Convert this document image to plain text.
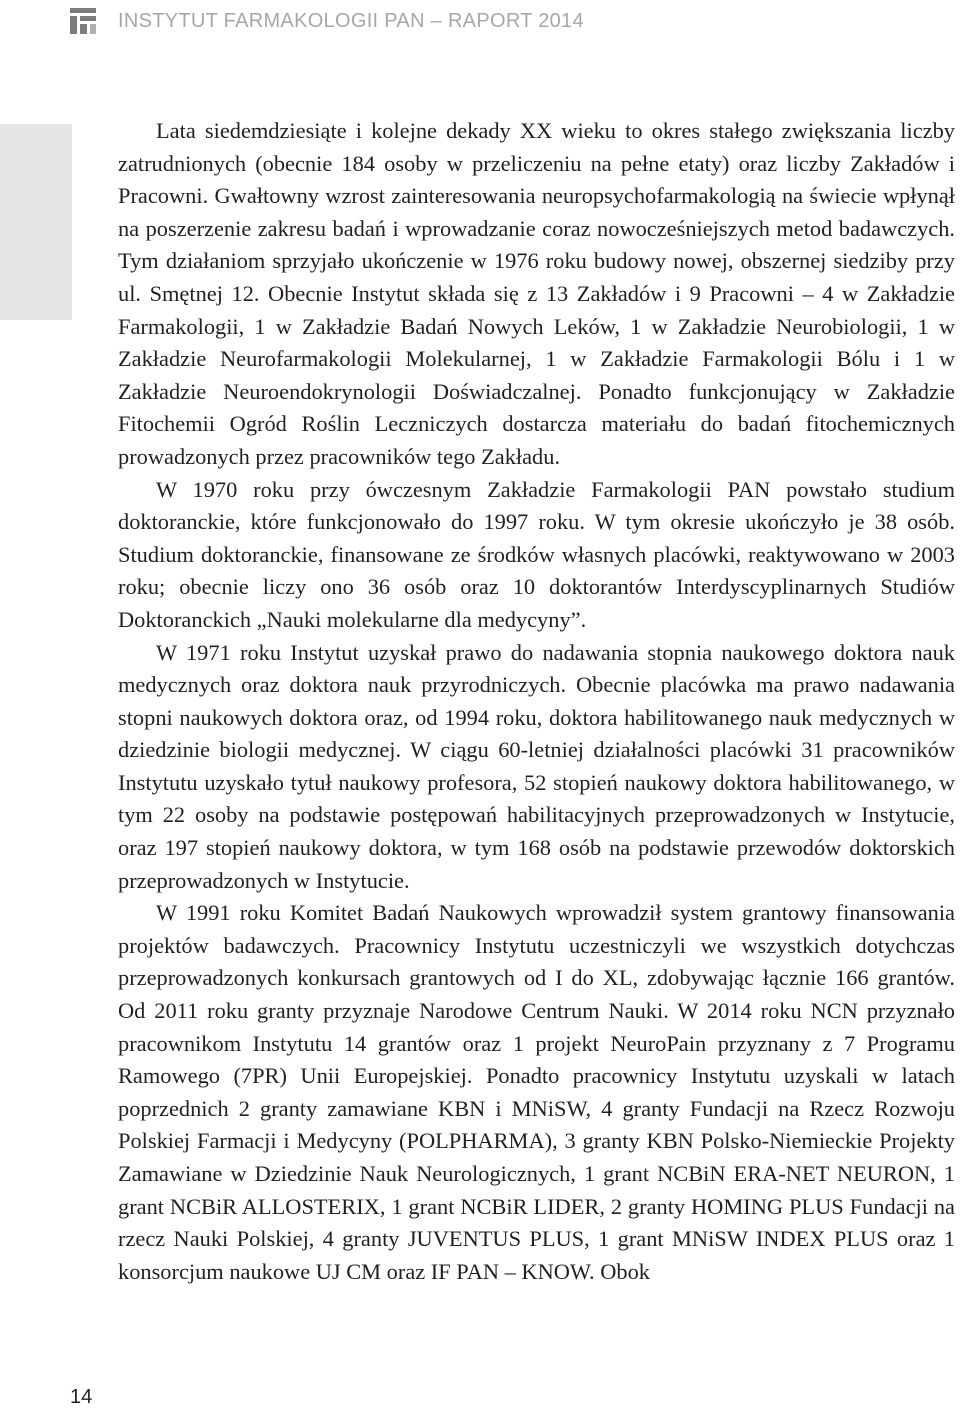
INSTYTUT FARMAKOLOGII PAN – RAPORT 2014

Lata siedemdziesiąte i kolejne dekady XX wieku to okres stałego zwiększania liczby zatrudnionych (obecnie 184 osoby w przeliczeniu na pełne etaty) oraz liczby Zakładów i Pracowni. Gwałtowny wzrost zainteresowania neuropsychofarmakologią na świecie wpłynął na poszerzenie zakresu badań i wprowadzanie coraz nowocześniejszych metod badawczych. Tym działaniom sprzyjało ukończenie w 1976 roku budowy nowej, obszernej siedziby przy ul. Smętnej 12. Obecnie Instytut składa się z 13 Zakładów i 9 Pracowni – 4 w Zakładzie Farmakologii, 1 w Zakładzie Badań Nowych Leków, 1 w Zakładzie Neurobiologii, 1 w Zakładzie Neurofarmakologii Molekularnej, 1 w Zakładzie Farmakologii Bólu i 1 w Zakładzie Neuroendokrynologii Doświadczalnej. Ponadto funkcjonujący w Zakładzie Fitochemii Ogród Roślin Leczniczych dostarcza materiału do badań fitochemicznych prowadzonych przez pracowników tego Zakładu.

W 1970 roku przy ówczesnym Zakładzie Farmakologii PAN powstało studium doktoranckie, które funkcjonowało do 1997 roku. W tym okresie ukończyło je 38 osób. Studium doktoranckie, finansowane ze środków własnych placówki, reaktywowano w 2003 roku; obecnie liczy ono 36 osób oraz 10 doktorantów Interdyscyplinarnych Studiów Doktoranckich „Nauki molekularne dla medycyny”.

W 1971 roku Instytut uzyskał prawo do nadawania stopnia naukowego doktora nauk medycznych oraz doktora nauk przyrodniczych. Obecnie placówka ma prawo nadawania stopni naukowych doktora oraz, od 1994 roku, doktora habilitowanego nauk medycznych w dziedzinie biologii medycznej. W ciągu 60-letniej działalności placówki 31 pracowników Instytutu uzyskało tytuł naukowy profesora, 52 stopień naukowy doktora habilitowanego, w tym 22 osoby na podstawie postępowań habilitacyjnych przeprowadzonych w Instytucie, oraz 197 stopień naukowy doktora, w tym 168 osób na podstawie przewodów doktorskich przeprowadzonych w Instytucie.

W 1991 roku Komitet Badań Naukowych wprowadził system grantowy finansowania projektów badawczych. Pracownicy Instytutu uczestniczyli we wszystkich dotychczas przeprowadzonych konkursach grantowych od I do XL, zdobywając łącznie 166 grantów. Od 2011 roku granty przyznaje Narodowe Centrum Nauki. W 2014 roku NCN przyznało pracownikom Instytutu 14 grantów oraz 1 projekt NeuroPain przyznany z 7 Programu Ramowego (7PR) Unii Europejskiej. Ponadto pracownicy Instytutu uzyskali w latach poprzednich 2 granty zamawiane KBN i MNiSW, 4 granty Fundacji na Rzecz Rozwoju Polskiej Farmacji i Medycyny (POLPHARMA), 3 granty KBN Polsko-Niemieckie Projekty Zamawiane w Dziedzinie Nauk Neurologicznych, 1 grant NCBiN ERA-NET NEURON, 1 grant NCBiR ALLOSTERIX, 1 grant NCBiR LIDER, 2 granty HOMING PLUS Fundacji na rzecz Nauki Polskiej, 4 granty JUVENTUS PLUS, 1 grant MNiSW INDEX PLUS oraz 1 konsorcjum naukowe UJ CM oraz IF PAN – KNOW. Obok

14
